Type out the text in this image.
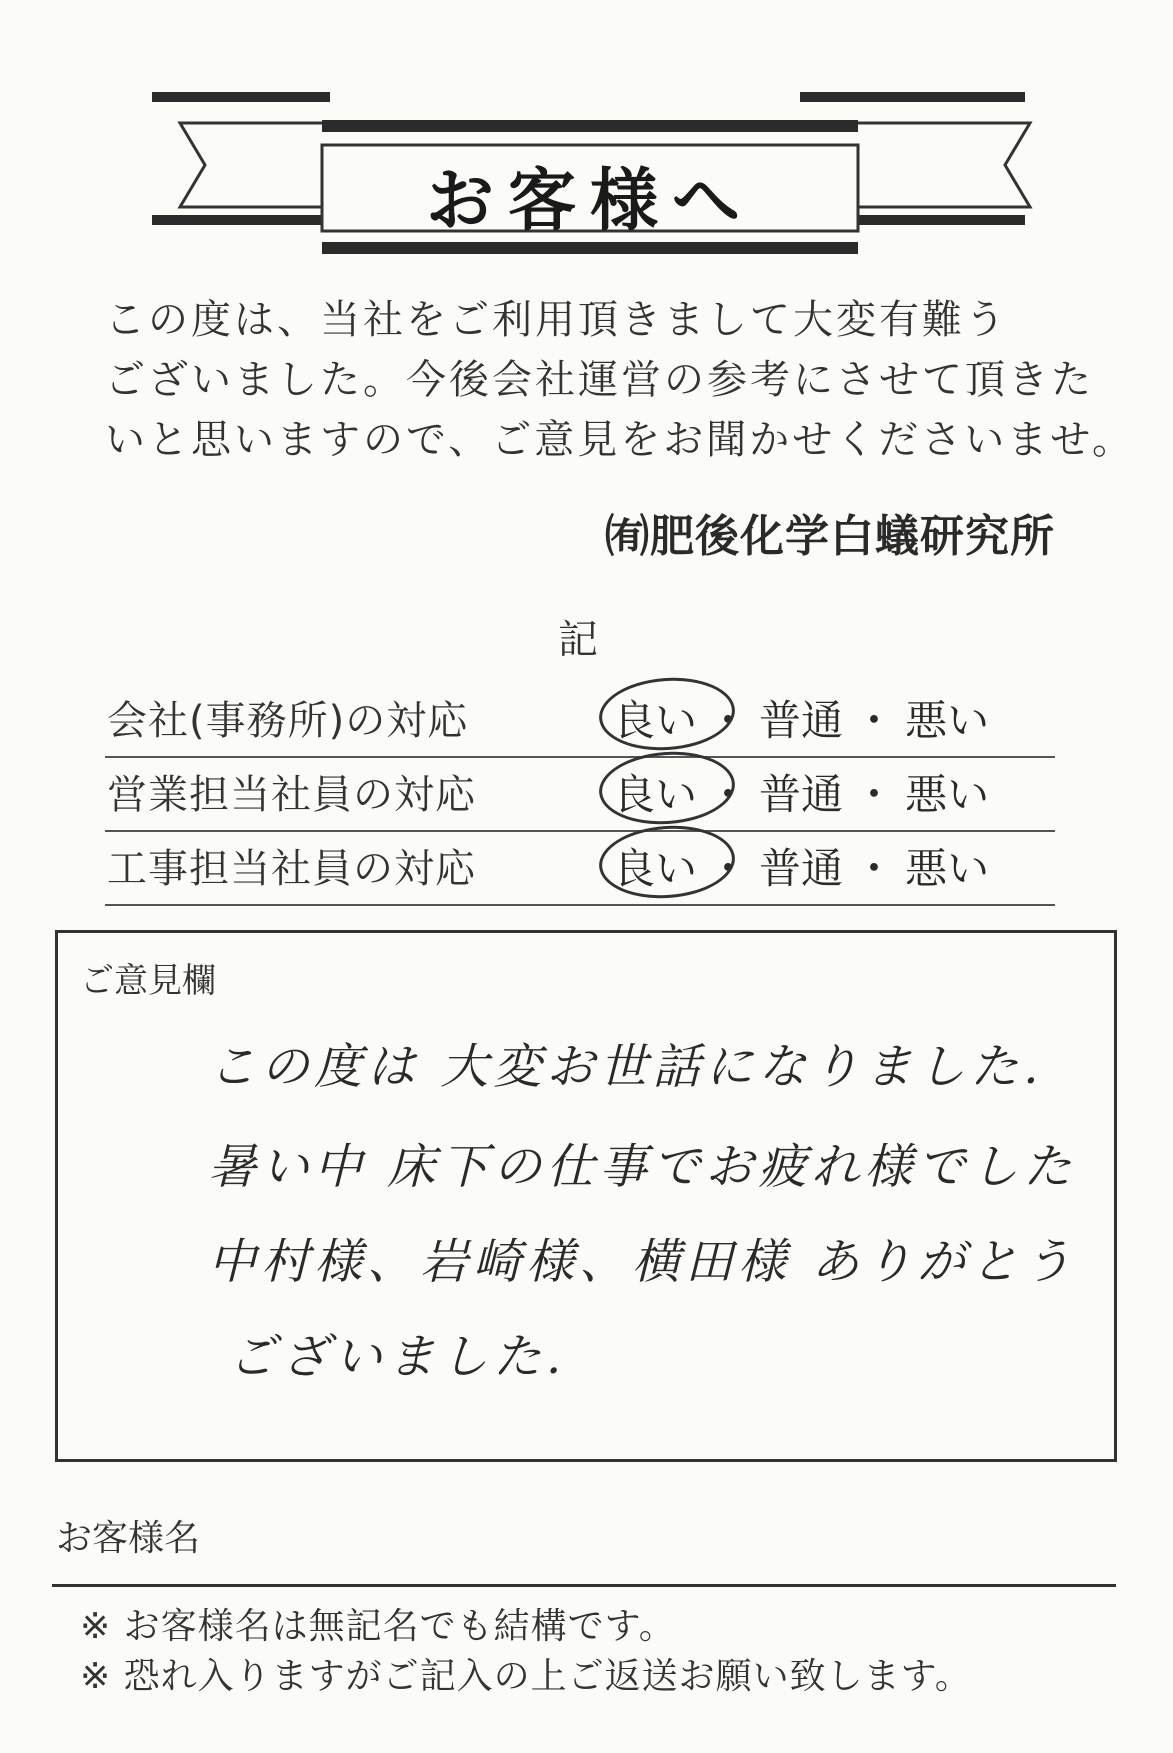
お客様へ
この度は、当社をご利用頂きまして大変有難う
ございました。今後会社運営の参考にさせて頂きた
いと思いますので、ご意見をお聞かせくださいませ。
㈲肥後化学白蟻研究所
記
会社(事務所)の対応	良い ・ 普通 ・ 悪い
営業担当社員の対応	良い ・ 普通 ・ 悪い
工事担当社員の対応	良い ・ 普通 ・ 悪い
ご意見欄
この度は 大変お世話になりました.
暑い中 床下の仕事でお疲れ様でした
中村様、岩崎様、横田様 ありがとう
ございました.
お客様名
※ お客様名は無記名でも結構です。
※ 恐れ入りますがご記入の上ご返送お願い致します。
